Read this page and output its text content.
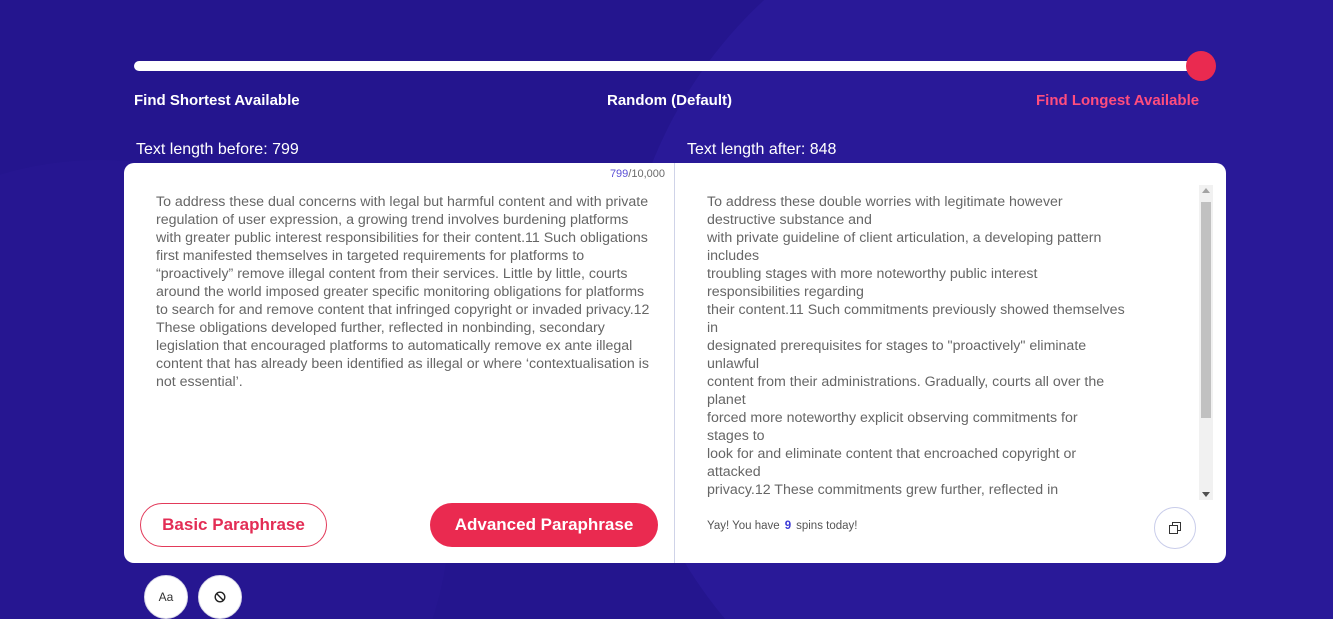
Find Shortest Available	Random (Default)	Find Longest Available
Text length before: 799	Text length after: 848
799/10,000
To address these dual concerns with legal but harmful content and with private regulation of user expression, a growing trend involves burdening platforms with greater public interest responsibilities for their content.11 Such obligations first manifested themselves in targeted requirements for platforms to “proactively” remove illegal content from their services. Little by little, courts around the world imposed greater specific monitoring obligations for platforms to search for and remove content that infringed copyright or invaded privacy.12 These obligations developed further, reflected in nonbinding, secondary legislation that encouraged platforms to automatically remove ex ante illegal content that has already been identified as illegal or where ‘contextualisation is not essential’.
Basic Paraphrase	Advanced Paraphrase
To address these double worries with legitimate however
destructive substance and
with private guideline of client articulation, a developing pattern
includes
troubling stages with more noteworthy public interest
responsibilities regarding
their content.11 Such commitments previously showed themselves
in
designated prerequisites for stages to "proactively" eliminate
unlawful
content from their administrations. Gradually, courts all over the
planet
forced more noteworthy explicit observing commitments for
stages to
look for and eliminate content that encroached copyright or
attacked
privacy.12 These commitments grew further, reflected in
Yay! You have 9 spins today!
Aa
